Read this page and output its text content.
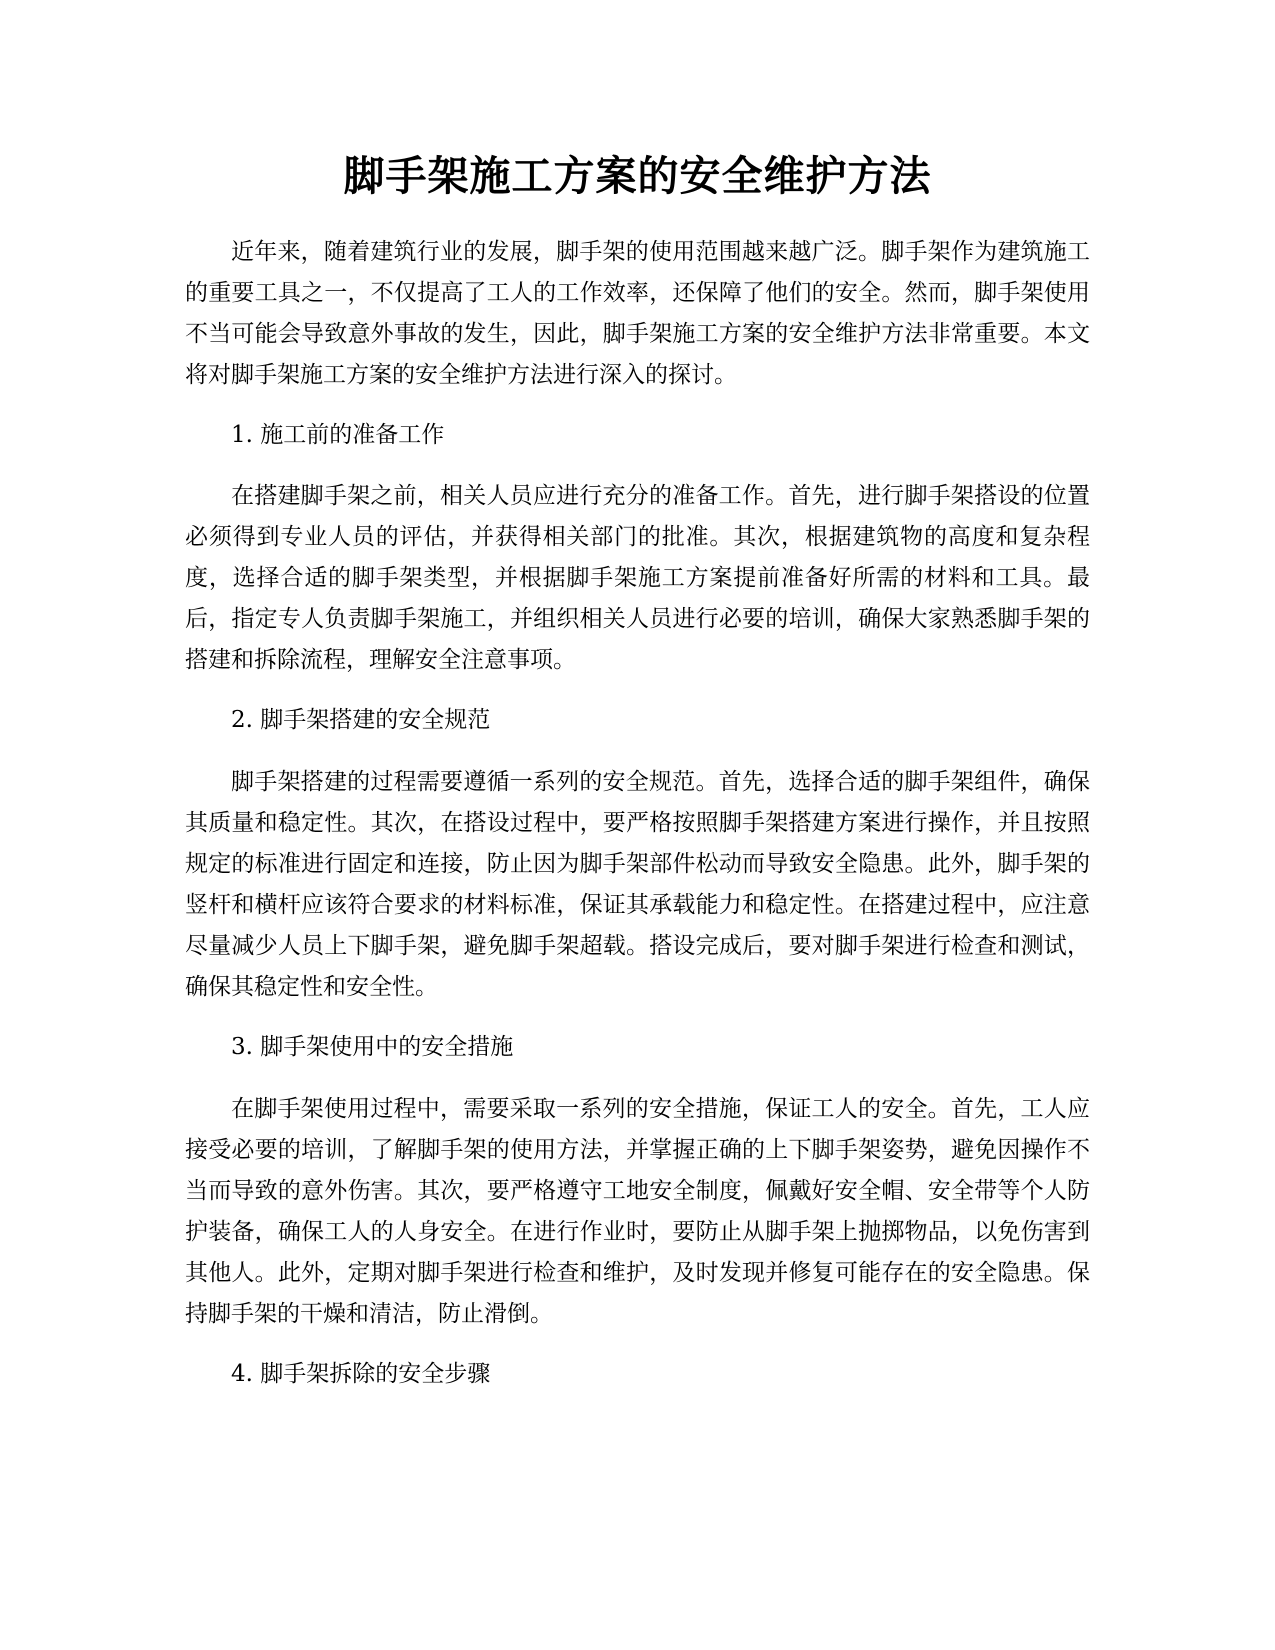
脚手架施工方案的安全维护方法

近年来，随着建筑行业的发展，脚手架的使用范围越来越广泛。脚手架作为建筑施工的重要工具之一，不仅提高了工人的工作效率，还保障了他们的安全。然而，脚手架使用不当可能会导致意外事故的发生，因此，脚手架施工方案的安全维护方法非常重要。本文将对脚手架施工方案的安全维护方法进行深入的探讨。

1. 施工前的准备工作

在搭建脚手架之前，相关人员应进行充分的准备工作。首先，进行脚手架搭设的位置必须得到专业人员的评估，并获得相关部门的批准。其次，根据建筑物的高度和复杂程度，选择合适的脚手架类型，并根据脚手架施工方案提前准备好所需的材料和工具。最后，指定专人负责脚手架施工，并组织相关人员进行必要的培训，确保大家熟悉脚手架的搭建和拆除流程，理解安全注意事项。

2. 脚手架搭建的安全规范

脚手架搭建的过程需要遵循一系列的安全规范。首先，选择合适的脚手架组件，确保其质量和稳定性。其次，在搭设过程中，要严格按照脚手架搭建方案进行操作，并且按照规定的标准进行固定和连接，防止因为脚手架部件松动而导致安全隐患。此外，脚手架的竖杆和横杆应该符合要求的材料标准，保证其承载能力和稳定性。在搭建过程中，应注意尽量减少人员上下脚手架，避免脚手架超载。搭设完成后，要对脚手架进行检查和测试，确保其稳定性和安全性。

3. 脚手架使用中的安全措施

在脚手架使用过程中，需要采取一系列的安全措施，保证工人的安全。首先，工人应接受必要的培训，了解脚手架的使用方法，并掌握正确的上下脚手架姿势，避免因操作不当而导致的意外伤害。其次，要严格遵守工地安全制度，佩戴好安全帽、安全带等个人防护装备，确保工人的人身安全。在进行作业时，要防止从脚手架上抛掷物品，以免伤害到其他人。此外，定期对脚手架进行检查和维护，及时发现并修复可能存在的安全隐患。保持脚手架的干燥和清洁，防止滑倒。

4. 脚手架拆除的安全步骤
